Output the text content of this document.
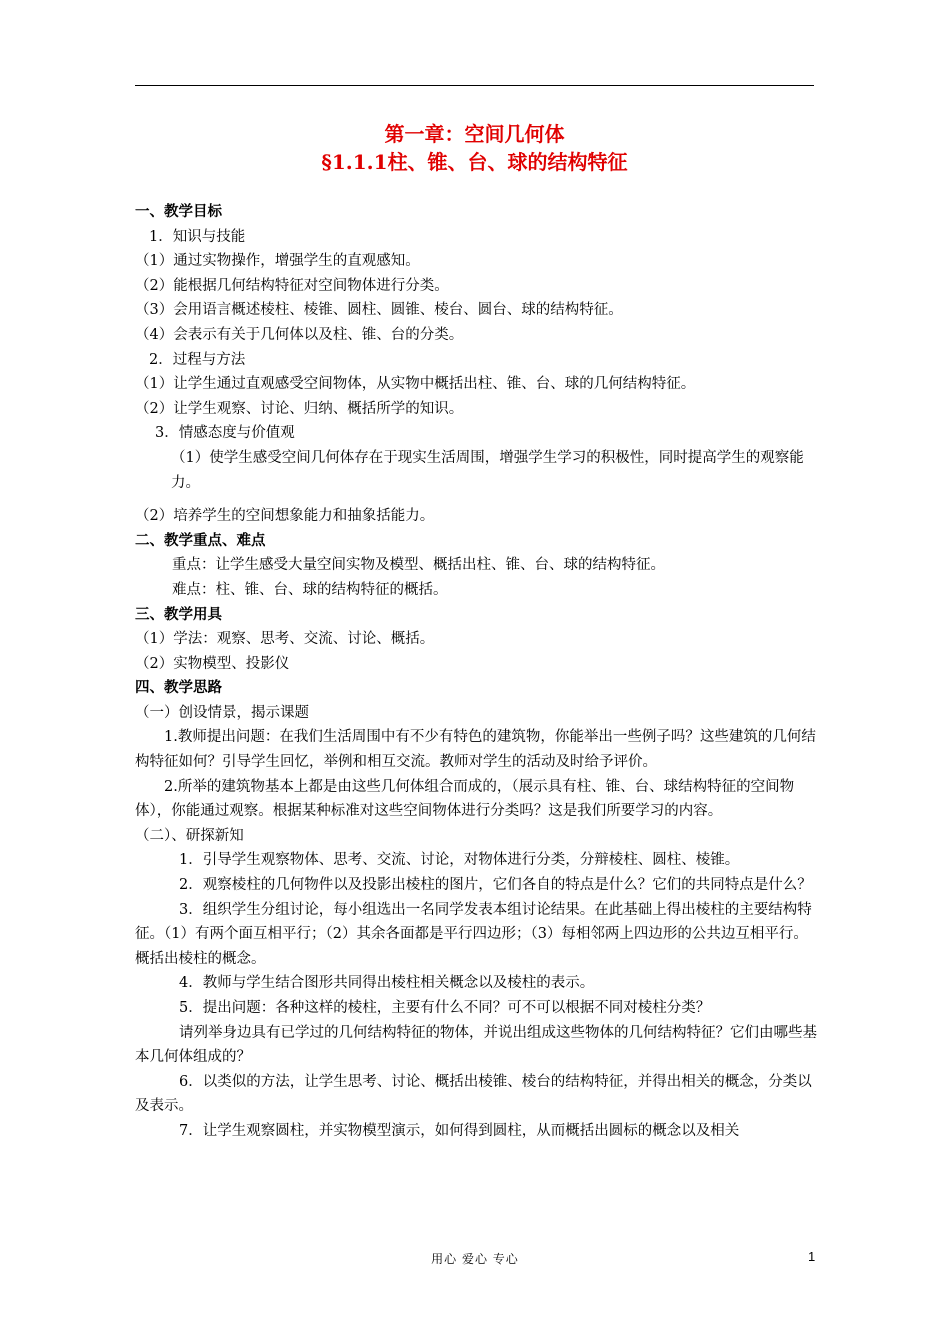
第一章：空间几何体
§1.1.1柱、锥、台、球的结构特征

一、教学目标

1．知识与技能

（1）通过实物操作，增强学生的直观感知。

（2）能根据几何结构特征对空间物体进行分类。

（3）会用语言概述棱柱、棱锥、圆柱、圆锥、棱台、圆台、球的结构特征。

（4）会表示有关于几何体以及柱、锥、台的分类。

2．过程与方法

（1）让学生通过直观感受空间物体，从实物中概括出柱、锥、台、球的几何结构特征。

（2）让学生观察、讨论、归纳、概括所学的知识。

3．情感态度与价值观

（1）使学生感受空间几何体存在于现实生活周围，增强学生学习的积极性，同时提高学生的观察能力。

（2）培养学生的空间想象能力和抽象括能力。

二、教学重点、难点

重点：让学生感受大量空间实物及模型、概括出柱、锥、台、球的结构特征。

难点：柱、锥、台、球的结构特征的概括。

三、教学用具

（1）学法：观察、思考、交流、讨论、概括。

（2）实物模型、投影仪

四、教学思路

（一）创设情景，揭示课题

1.教师提出问题：在我们生活周围中有不少有特色的建筑物，你能举出一些例子吗？这些建筑的几何结构特征如何？引导学生回忆，举例和相互交流。教师对学生的活动及时给予评价。

2.所举的建筑物基本上都是由这些几何体组合而成的，（展示具有柱、锥、台、球结构特征的空间物体），你能通过观察。根据某种标准对这些空间物体进行分类吗？这是我们所要学习的内容。

（二）、研探新知

1．引导学生观察物体、思考、交流、讨论，对物体进行分类，分辩棱柱、圆柱、棱锥。

2．观察棱柱的几何物件以及投影出棱柱的图片，它们各自的特点是什么？它们的共同特点是什么？

3．组织学生分组讨论，每小组选出一名同学发表本组讨论结果。在此基础上得出棱柱的主要结构特征。（1）有两个面互相平行；（2）其余各面都是平行四边形；（3）每相邻两上四边形的公共边互相平行。概括出棱柱的概念。

4．教师与学生结合图形共同得出棱柱相关概念以及棱柱的表示。

5．提出问题：各种这样的棱柱，主要有什么不同？可不可以根据不同对棱柱分类？

请列举身边具有已学过的几何结构特征的物体，并说出组成这些物体的几何结构特征？它们由哪些基本几何体组成的？

6．以类似的方法，让学生思考、讨论、概括出棱锥、棱台的结构特征，并得出相关的概念，分类以及表示。

7．让学生观察圆柱，并实物模型演示，如何得到圆柱，从而概括出圆标的概念以及相关

用心 爱心 专心	1
